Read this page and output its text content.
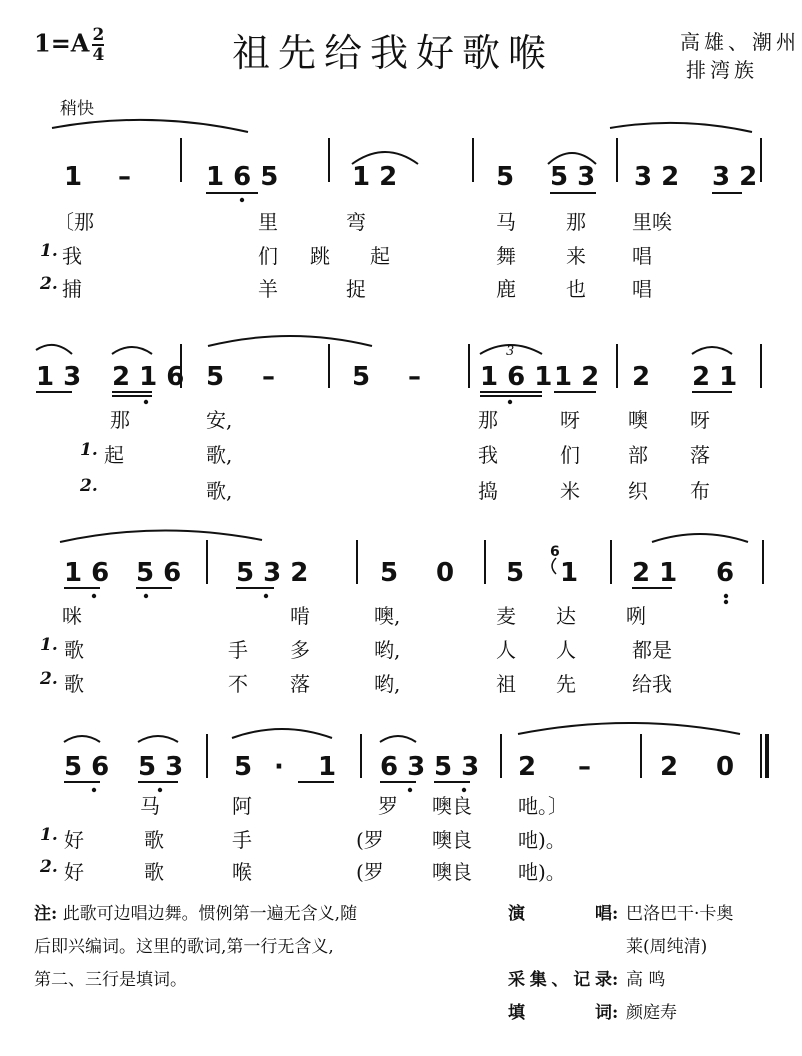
$1=A \frac{2}{4}$	祖先给我好歌喉	高雄、潮州
排湾族
稍快
1 –	1 6 5	1 2	5 5 3 3 2 3 2
〔那	里	弯	马	那 里唉
1. 我	们 跳 起	舞	来 唱
2. 捕	羊	捉	鹿	也 唱
3
1 3 2 1 6 5 –	5 – 1 6 1 1 2 2 2 1
那	安,	那	呀 噢 呀
1. 起	歌,	我	们 部 落
2.	歌,	捣	米 织 布
6
1 6 5 6 5 3 2	5 0 5 1 2 1 6
咪	啃	噢,	麦 达	咧
1. 歌	手 多	哟,	人 人	都是
2. 歌	不 落	哟,	祖 先	给我
5 6 5 3 5 · 1 6 3 5 3 2 –	2 0
马	阿	罗 噢良 吔。〕
1. 好	歌	手	(罗 噢良 吔)。
2. 好	歌	喉	(罗 噢良 吔)。
注: 此歌可边唱边舞。惯例第一遍无含义,随
后即兴编词。这里的歌词,第一行无含义,
第二、三行是填词。
演唱 : 巴洛巴干·卡奥
莱(周纯清)
采集、记录 : 高 鸣
填词 : 颜庭寿
